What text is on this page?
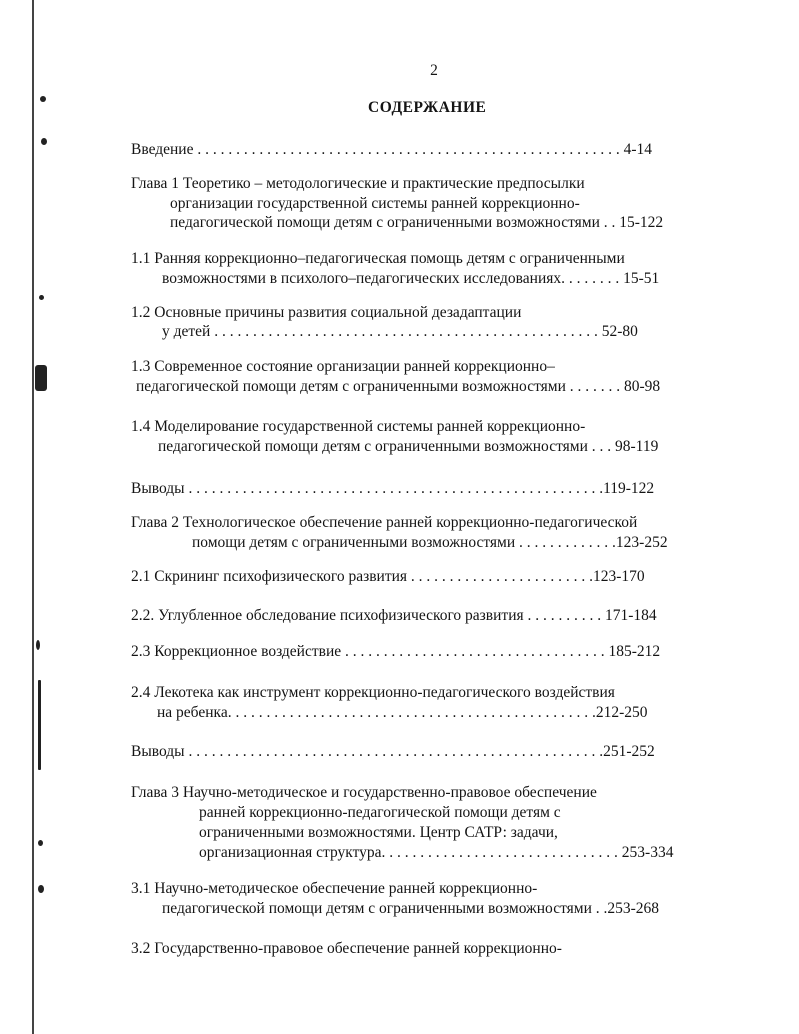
2
СОДЕРЖАНИЕ
Введение . . . . . . . . . . . . . . . . . . . . . . . . . . . . . . . . . . . . . . . . . . . . . . . . . . . . . . . 4-14
Глава 1 Теоретико – методологические и практические предпосылки
организации государственной системы ранней коррекционно-
педагогической помощи детям с ограниченными возможностями . . 15-122
1.1 Ранняя коррекционно–педагогическая помощь детям с ограниченными
возможностями в психолого–педагогических исследованиях. . . . . . . . 15-51
1.2 Основные причины развития социальной дезадаптации
у детей . . . . . . . . . . . . . . . . . . . . . . . . . . . . . . . . . . . . . . . . . . . . . . . . . . 52-80
1.3 Современное состояние организации ранней коррекционно–
педагогической помощи детям с ограниченными возможностями . . . . . . . 80-98
1.4 Моделирование государственной системы ранней коррекционно-
педагогической помощи детям с ограниченными возможностями . . . 98-119
Выводы . . . . . . . . . . . . . . . . . . . . . . . . . . . . . . . . . . . . . . . . . . . . . . . . . . . . . .119-122
Глава 2 Технологическое обеспечение ранней коррекционно-педагогической
помощи детям с ограниченными возможностями . . . . . . . . . . . . .123-252
2.1 Скрининг психофизического развития . . . . . . . . . . . . . . . . . . . . . . . .123-170
2.2. Углубленное обследование психофизического развития . . . . . . . . . . 171-184
2.3 Коррекционное воздействие . . . . . . . . . . . . . . . . . . . . . . . . . . . . . . . . . . 185-212
2.4 Лекотека как инструмент коррекционно-педагогического воздействия
на ребенка. . . . . . . . . . . . . . . . . . . . . . . . . . . . . . . . . . . . . . . . . . . . . . . .212-250
Выводы . . . . . . . . . . . . . . . . . . . . . . . . . . . . . . . . . . . . . . . . . . . . . . . . . . . . . .251-252
Глава 3 Научно-методическое и государственно-правовое обеспечение
ранней коррекционно-педагогической помощи детям с
ограниченными возможностями. Центр САТР: задачи,
организационная структура. . . . . . . . . . . . . . . . . . . . . . . . . . . . . . . 253-334
3.1 Научно-методическое обеспечение ранней коррекционно-
педагогической помощи детям с ограниченными возможностями . .253-268
3.2 Государственно-правовое обеспечение ранней коррекционно-
